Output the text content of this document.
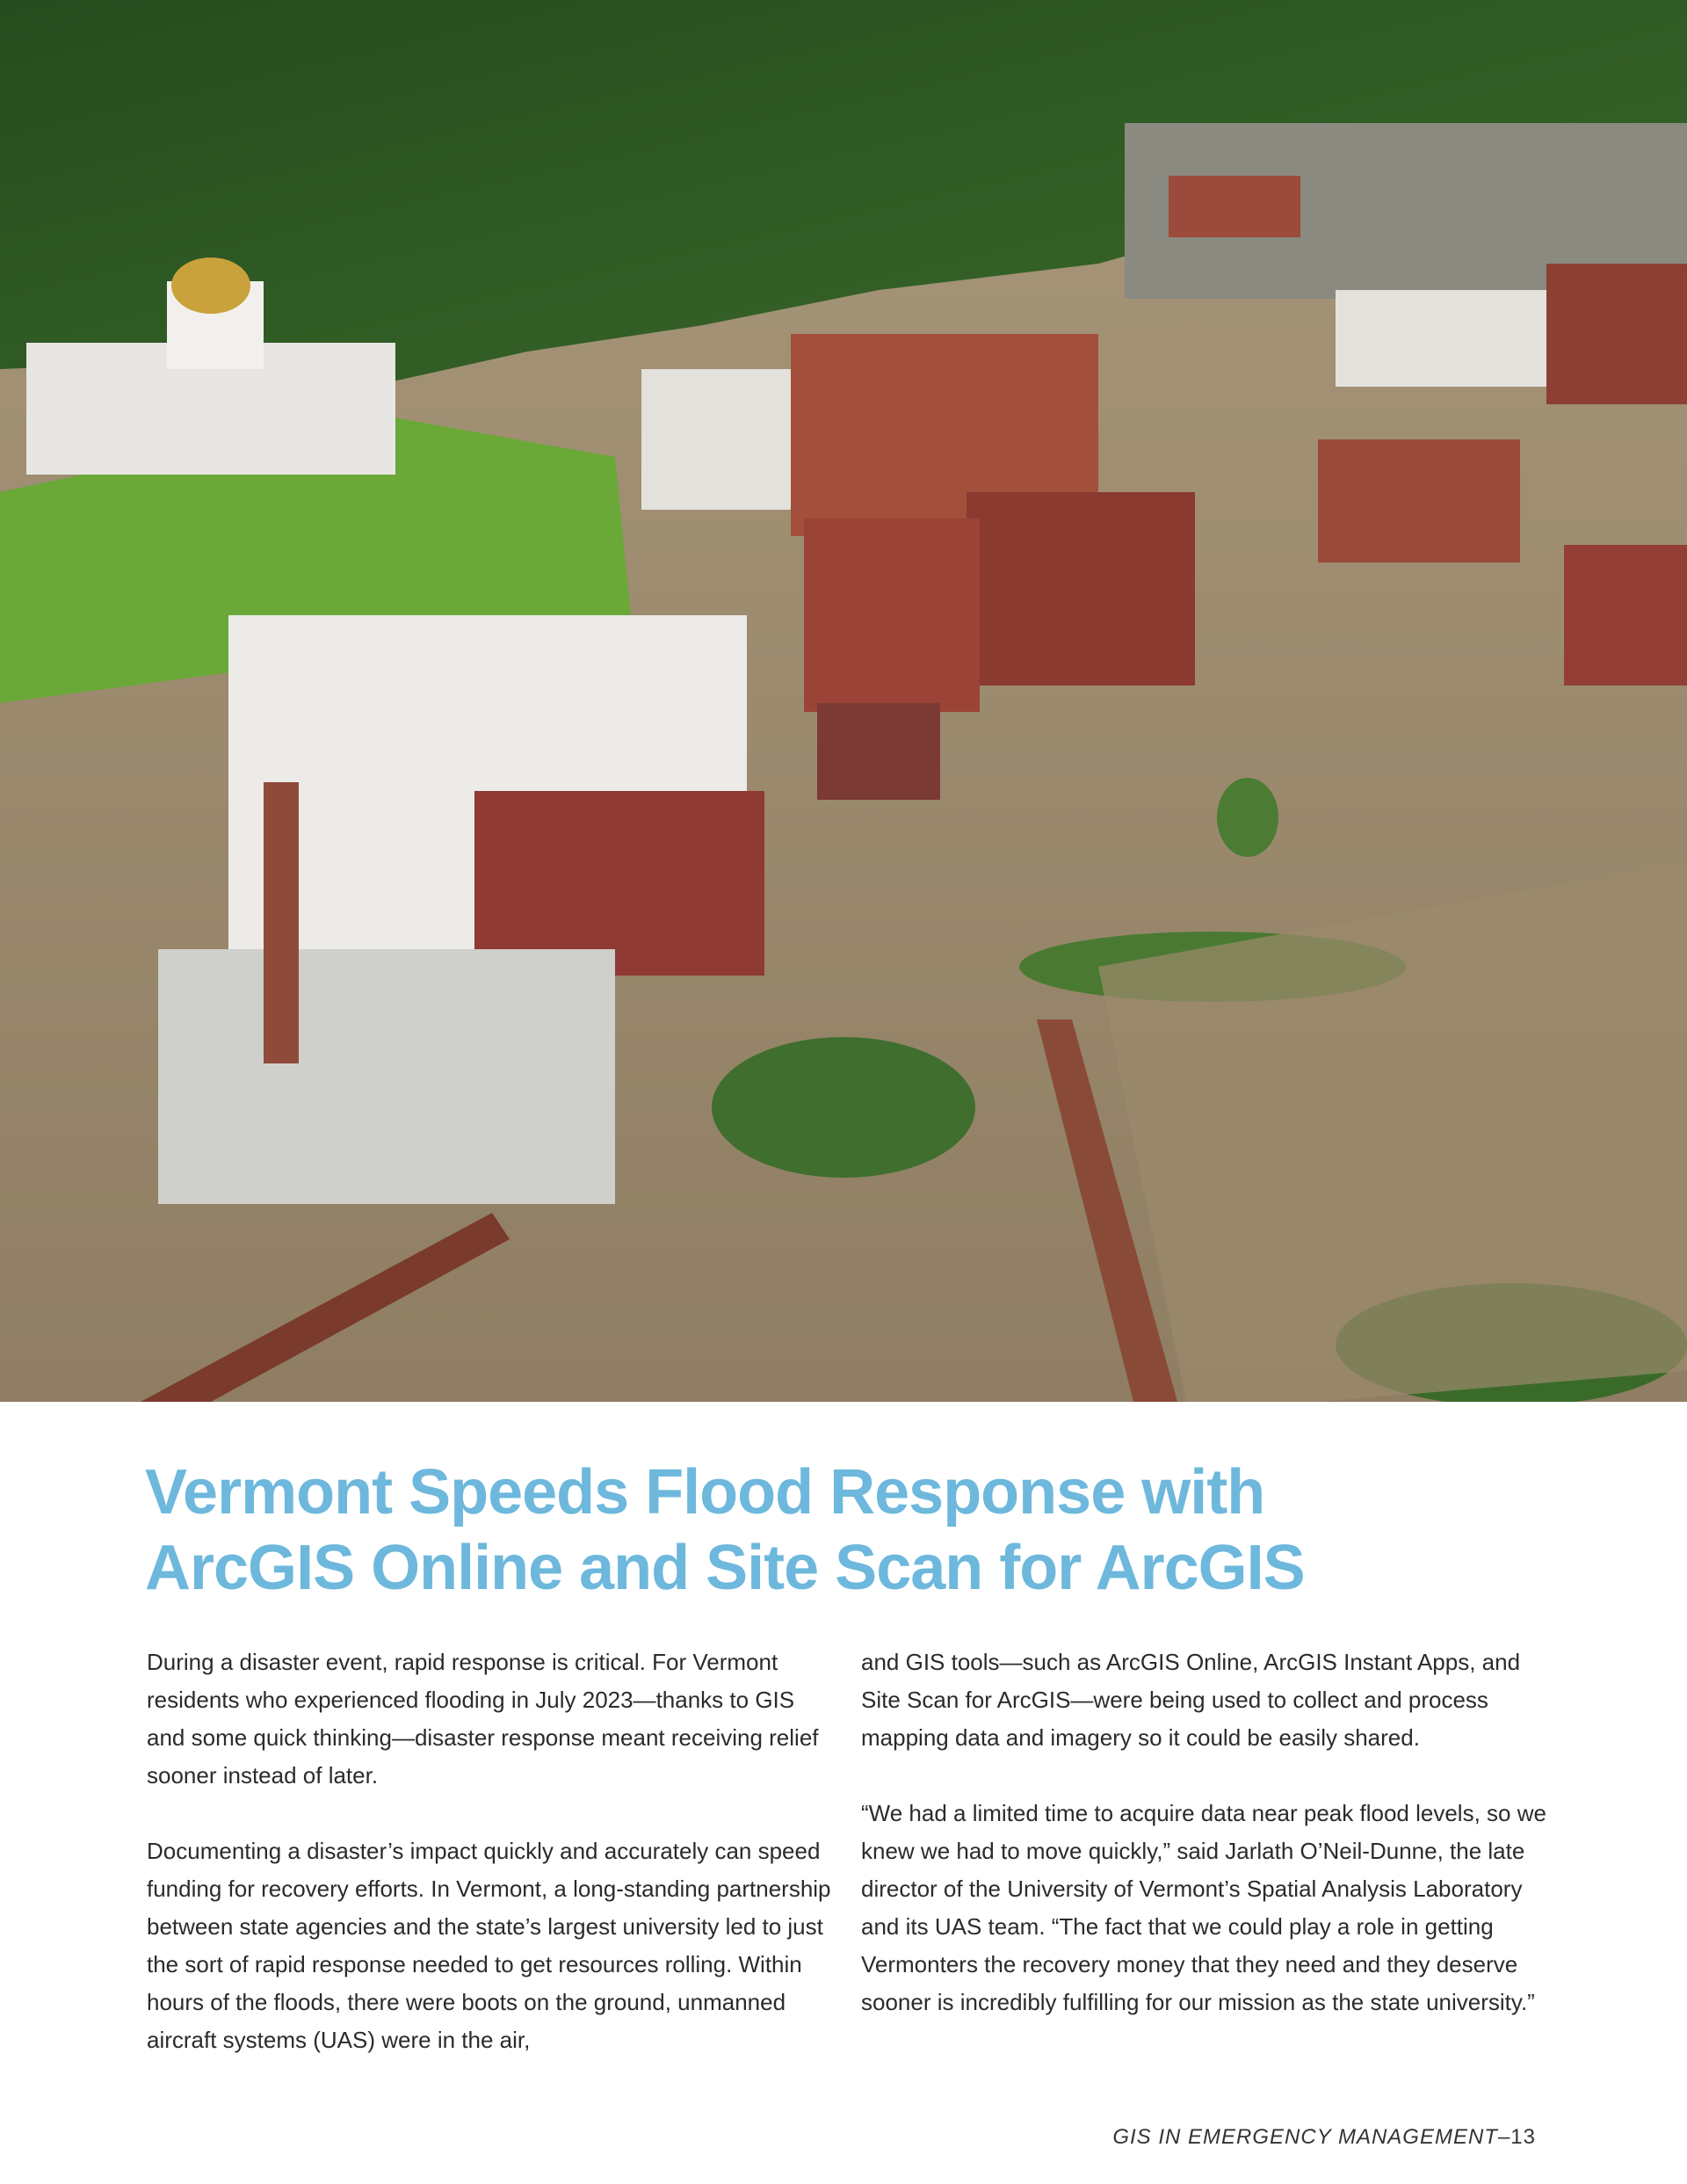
Vermont Speeds Flood Response with
ArcGIS Online and Site Scan for ArcGIS

During a disaster event, rapid response is critical. For Vermont residents who experienced flooding in July 2023—thanks to GIS and some quick thinking—disaster response meant receiving relief sooner instead of later.

Documenting a disaster’s impact quickly and accurately can speed funding for recovery efforts. In Vermont, a long-standing partnership between state agencies and the state’s largest university led to just the sort of rapid response needed to get resources rolling. Within hours of the floods, there were boots on the ground, unmanned aircraft systems (UAS) were in the air,

and GIS tools—such as ArcGIS Online, ArcGIS Instant Apps, and Site Scan for ArcGIS—were being used to collect and process mapping data and imagery so it could be easily shared.

“We had a limited time to acquire data near peak flood levels, so we knew we had to move quickly,” said Jarlath O’Neil-Dunne, the late director of the University of Vermont’s Spatial Analysis Laboratory and its UAS team. “The fact that we could play a role in getting Vermonters the recovery money that they need and they deserve sooner is incredibly fulfilling for our mission as the state university.”

GIS IN EMERGENCY MANAGEMENT–13
